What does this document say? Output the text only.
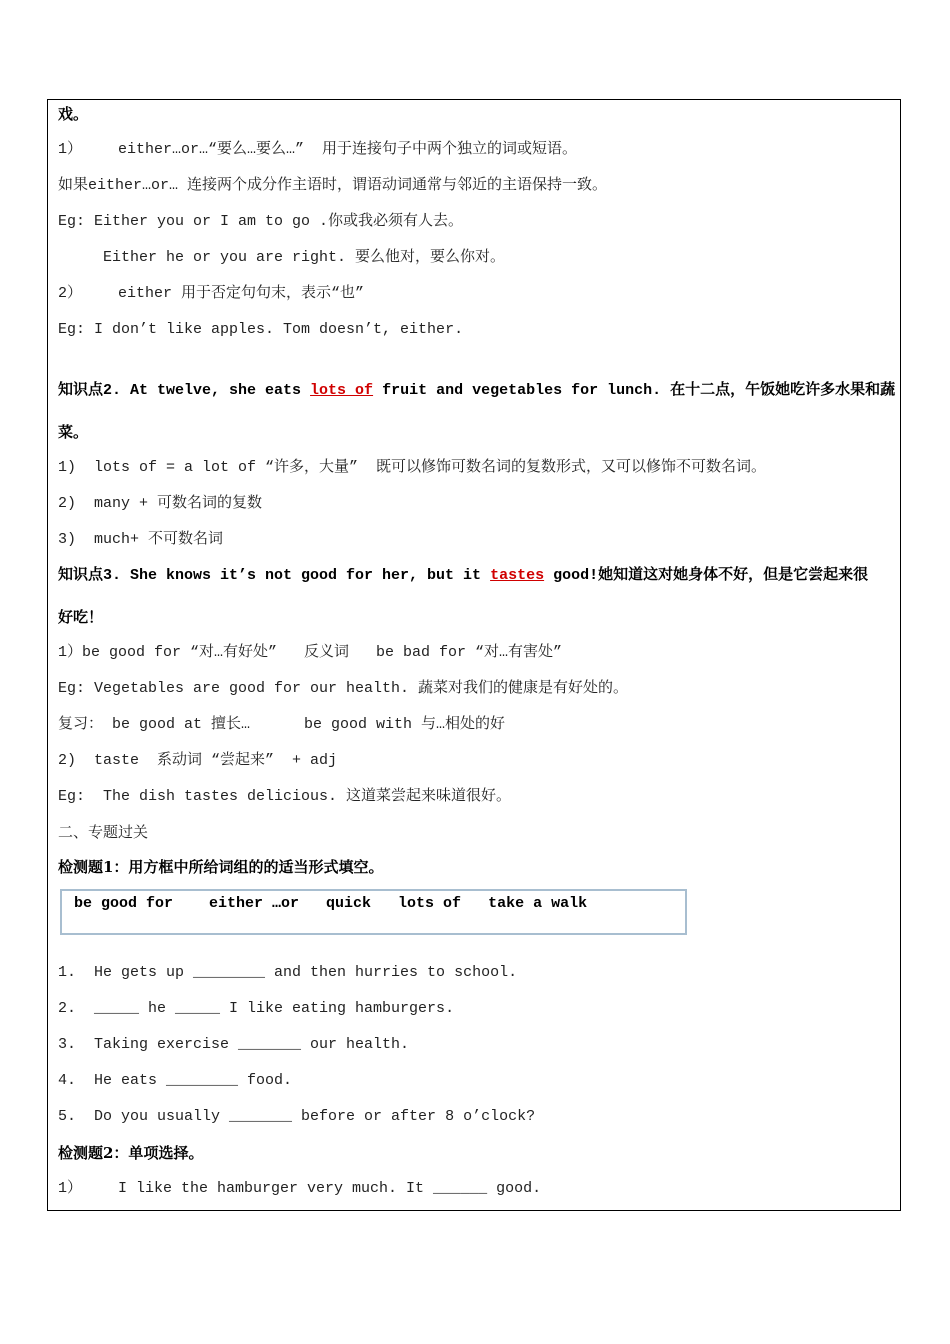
戏。
1）    either…or…“要么…要么…”  用于连接句子中两个独立的词或短语。
如果either…or… 连接两个成分作主语时，谓语动词通常与邻近的主语保持一致。
Eg: Either you or I am to go .你或我必须有人去。
Either he or you are right. 要么他对，要么你对。
2）    either 用于否定句句末，表示“也”
Eg: I don’t like apples. Tom doesn’t, either.
知识点2. At twelve, she eats lots of fruit and vegetables for lunch. 在十二点，午饭她吃许多水果和蔬
菜。
1)  lots of = a lot of “许多，大量”  既可以修饰可数名词的复数形式，又可以修饰不可数名词。
2)  many + 可数名词的复数
3)  much+ 不可数名词
知识点3. She knows it’s not good for her, but it tastes good!她知道这对她身体不好，但是它尝起来很
好吃！
1）be good for “对…有好处”   反义词   be bad for “对…有害处”
Eg: Vegetables are good for our health. 蔬菜对我们的健康是有好处的。
复习： be good at 擅长…      be good with 与…相处的好
2)  taste  系动词 “尝起来”  + adj
Eg:  The dish tastes delicious. 这道菜尝起来味道很好。
二、专题过关
检测题1：用方框中所给词组的的适当形式填空。
be good for    either …or   quick   lots of   take a walk
1.  He gets up ________ and then hurries to school.
2.  _____ he _____ I like eating hamburgers.
3.  Taking exercise _______ our health.
4.  He eats ________ food.
5.  Do you usually _______ before or after 8 o’clock?
检测题2：单项选择。
1）    I like the hamburger very much. It ______ good.
